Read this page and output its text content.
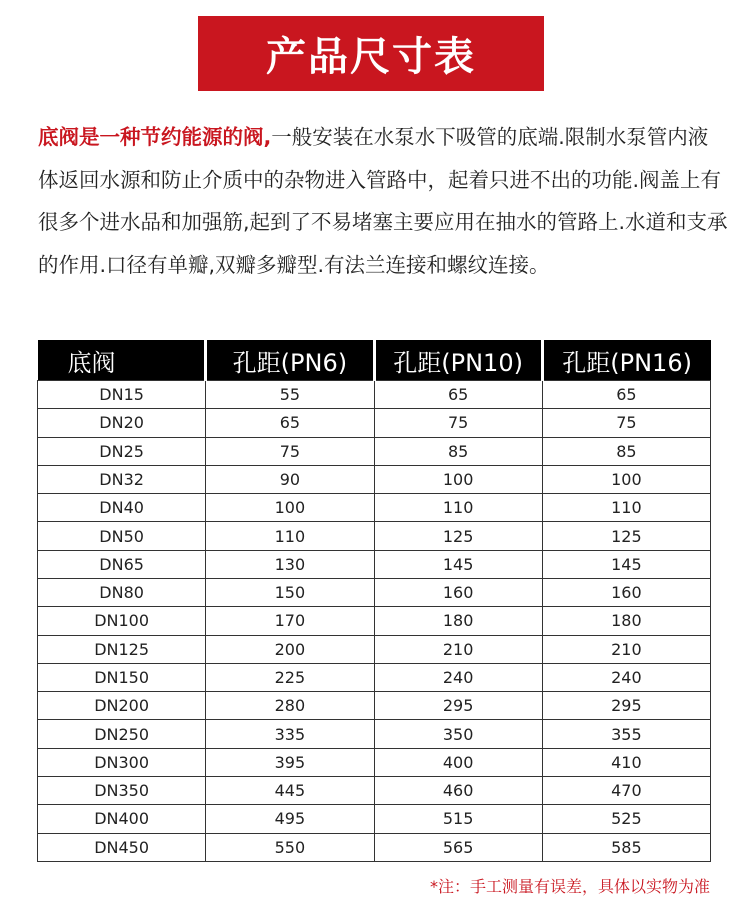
产品尺寸表
底阀是一种节约能源的阀,一般安装在水泵水下吸管的底端.限制水泵管内液体返回水源和防止介质中的杂物进入管路中，起着只进不出的功能.阀盖上有很多个进水品和加强筋,起到了不易堵塞主要应用在抽水的管路上.水道和支承的作用.口径有单瓣,双瓣多瓣型.有法兰连接和螺纹连接。
底阀	孔距(PN6)	孔距(PN10)	孔距(PN16)
DN15	55	65	65
DN20	65	75	75
DN25	75	85	85
DN32	90	100	100
DN40	100	110	110
DN50	110	125	125
DN65	130	145	145
DN80	150	160	160
DN100	170	180	180
DN125	200	210	210
DN150	225	240	240
DN200	280	295	295
DN250	335	350	355
DN300	395	400	410
DN350	445	460	470
DN400	495	515	525
DN450	550	565	585
*注：手工测量有误差，具体以实物为准
